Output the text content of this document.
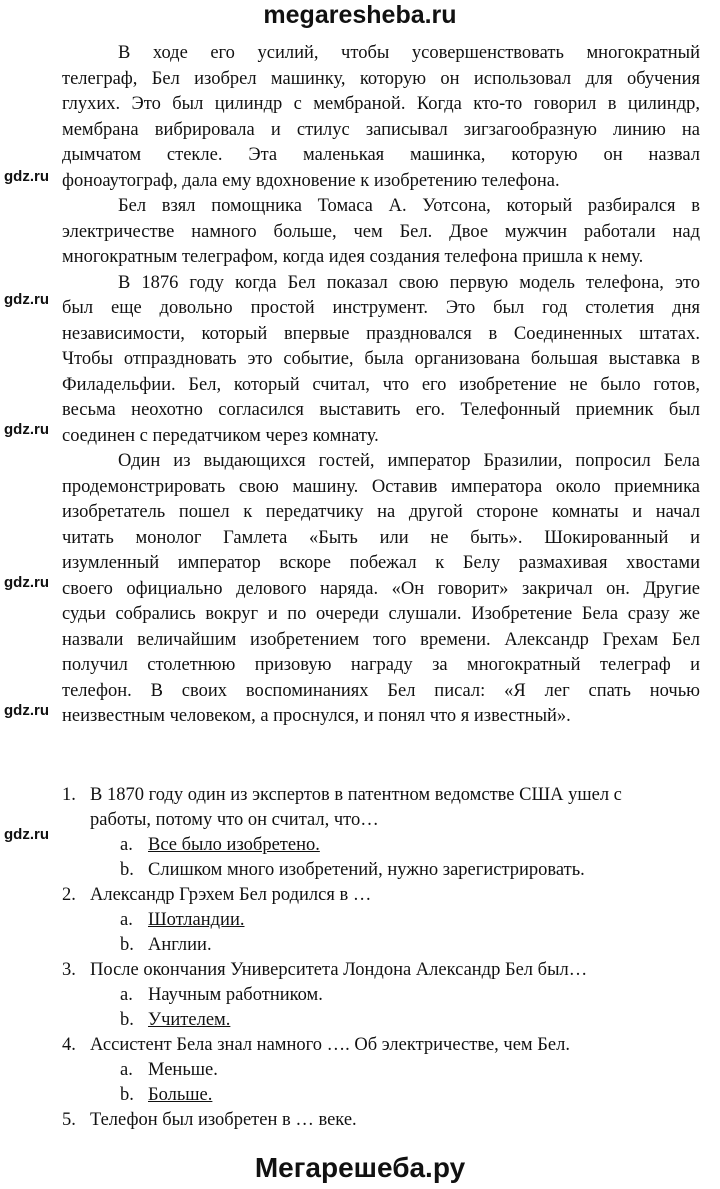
megaresheba.ru
В ходе его усилий, чтобы усовершенствовать многократный
телеграф, Бел изобрел машинку, которую он использовал для обучения
глухих. Это был цилиндр с мембраной. Когда кто-то говорил в цилиндр,
мембрана вибрировала и стилус записывал зигзагообразную линию на
дымчатом стекле. Эта маленькая машинка, которую он назвал
фоноаутограф, дала ему вдохновение к изобретению телефона.
Бел взял помощника Томаса А. Уотсона, который разбирался в
электричестве намного больше, чем Бел. Двое мужчин работали над
многократным телеграфом, когда идея создания телефона пришла к нему.
В 1876 году когда Бел показал свою первую модель телефона, это
был еще довольно простой инструмент. Это был год столетия дня
независимости, который впервые праздновался в Соединенных штатах.
Чтобы отпраздновать это событие, была организована большая выставка в
Филадельфии. Бел, который считал, что его изобретение не было готов,
весьма неохотно согласился выставить его. Телефонный приемник был
соединен с передатчиком через комнату.
Один из выдающихся гостей, император Бразилии, попросил Бела
продемонстрировать свою машину. Оставив императора около приемника
изобретатель пошел к передатчику на другой стороне комнаты и начал
читать монолог Гамлета «Быть или не быть». Шокированный и
изумленный император вскоре побежал к Белу размахивая хвостами
своего официально делового наряда. «Он говорит» закричал он. Другие
судьи собрались вокруг и по очереди слушали. Изобретение Бела сразу же
назвали величайшим изобретением того времени. Александр Грехам Бел
получил столетнюю призовую награду за многократный телеграф и
телефон. В своих воспоминаниях Бел писал: «Я лег спать ночью
неизвестным человеком, а проснулся, и понял что я известный».
1. В 1870 году один из экспертов в патентном ведомстве США ушел с
работы, потому что он считал, что…
a. Все было изобретено.
b. Слишком много изобретений, нужно зарегистрировать.
2. Александр Грэхем Бел родился в …
a. Шотландии.
b. Англии.
3. После окончания Университета Лондона Александр Бел был…
a. Научным работником.
b. Учителем.
4. Ассистент Бела знал намного …. Об электричестве, чем Бел.
a. Меньше.
b. Больше.
5. Телефон был изобретен в … веке.
Мегарешеба.ру
gdz.ru
gdz.ru
gdz.ru
gdz.ru
gdz.ru
gdz.ru
